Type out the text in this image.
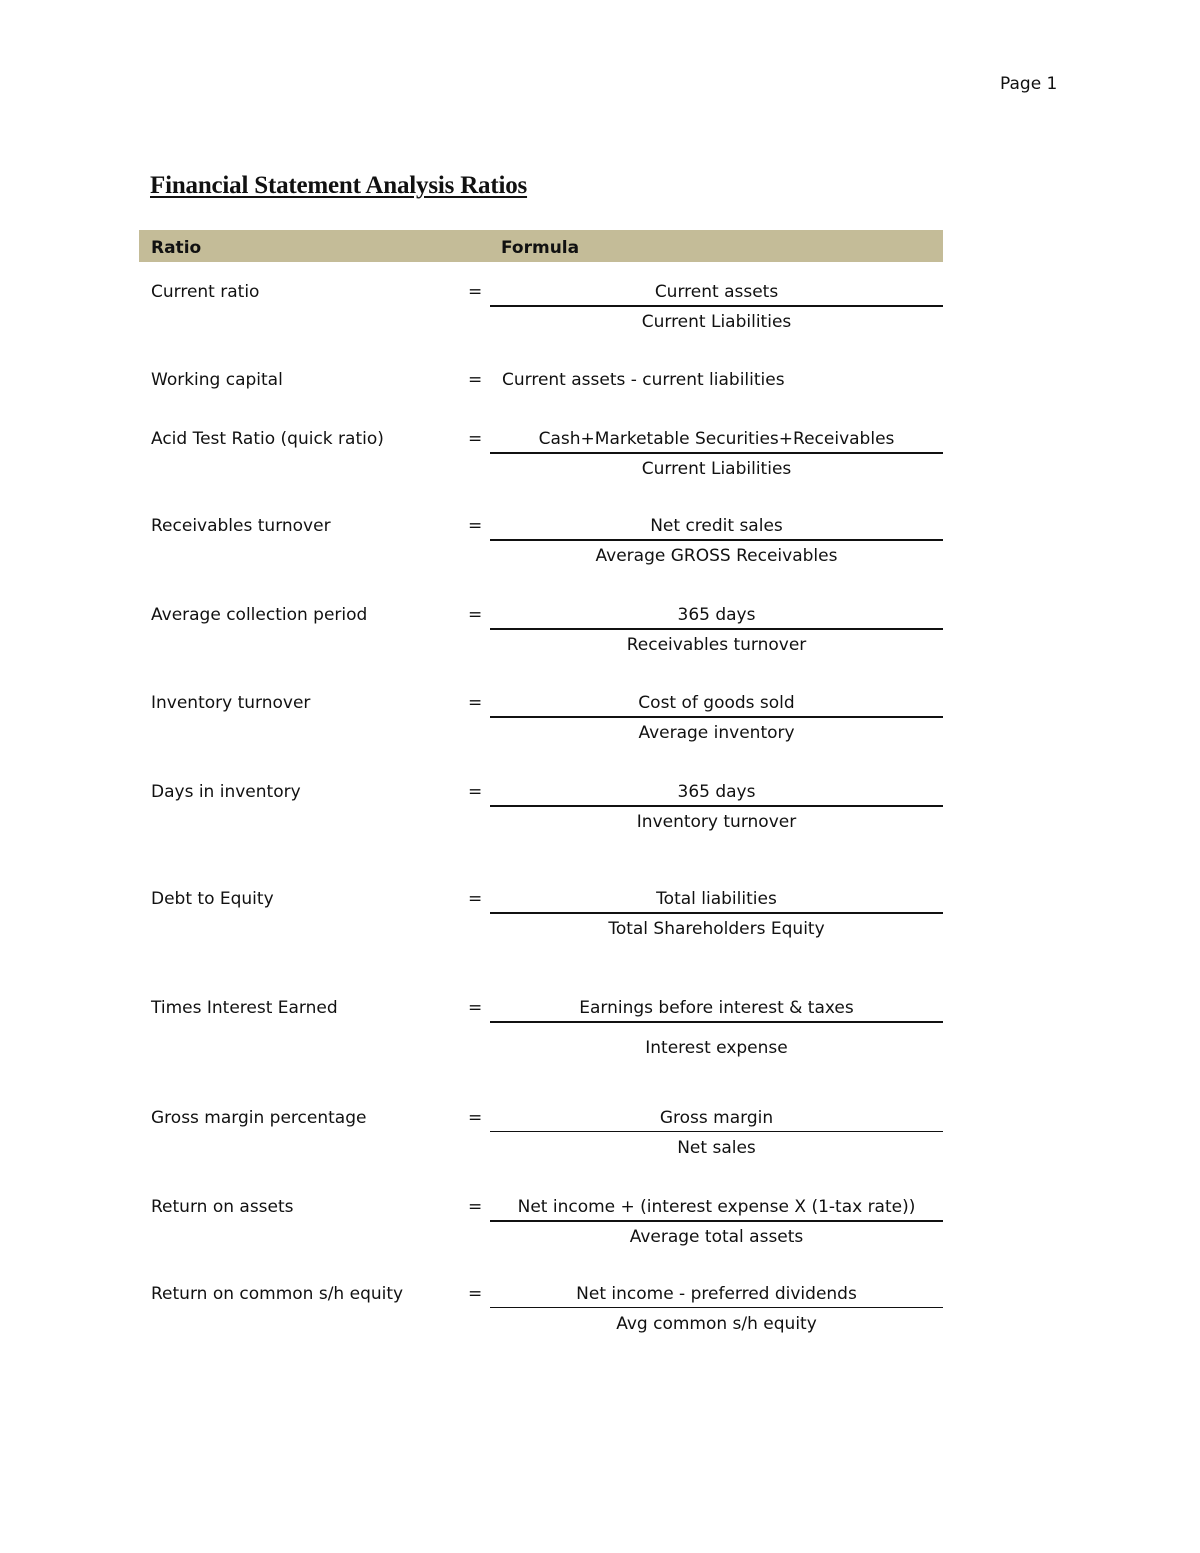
Page 1
Financial Statement Analysis Ratios
Ratio	Formula
Current ratio	=	Current assets
Current Liabilities
Working capital	= Current assets - current liabilities
Acid Test Ratio (quick ratio)	=	Cash+Marketable Securities+Receivables
Current Liabilities
Receivables turnover	=	Net credit sales
Average GROSS Receivables
Average collection period	=	365 days
Receivables turnover
Inventory turnover	=	Cost of goods sold
Average inventory
Days in inventory	=	365 days
Inventory turnover
Debt to Equity	=	Total liabilities
Total Shareholders Equity
Times Interest Earned	=	Earnings before interest & taxes
Interest expense
Gross margin percentage	=	Gross margin
Net sales
Return on assets	=	Net income + (interest expense X (1-tax rate))
Average total assets
Return on common s/h equity	=	Net income - preferred dividends
Avg common s/h equity
